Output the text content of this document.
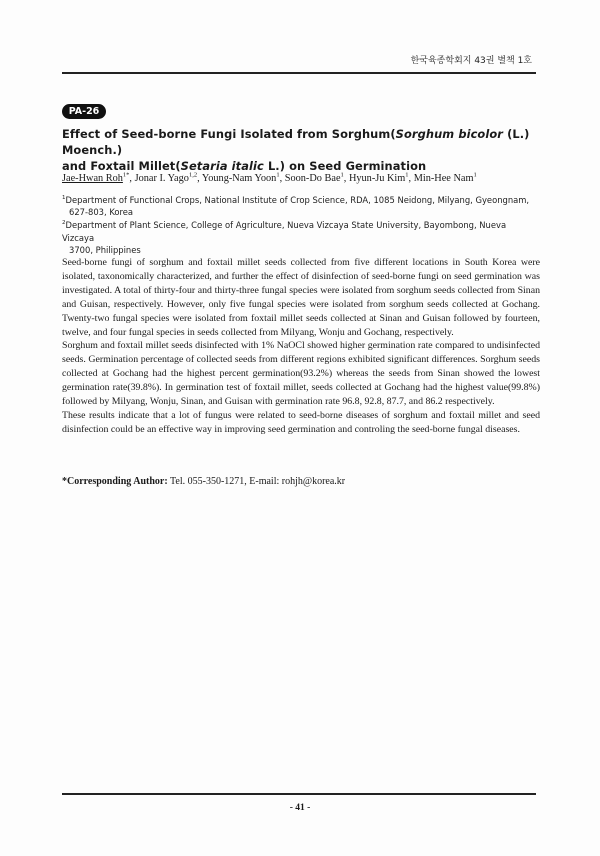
한국육종학회지 43권 별책 1호
PA-26
Effect of Seed-borne Fungi Isolated from Sorghum(Sorghum bicolor (L.) Moench.)
and Foxtail Millet(Setaria italic L.) on Seed Germination
Jae-Hwan Roh$^{1*}$, Jonar I. Yago$^{1,2}$, Young-Nam Yoon$^1$, Soon-Do Bae$^1$, Hyun-Ju Kim$^1$, Min-Hee Nam$^1$
$^1$Department of Functional Crops, National Institute of Crop Science, RDA, 1085 Neidong, Milyang, Gyeongnam,
627-803, Korea
$^2$Department of Plant Science, College of Agriculture, Nueva Vizcaya State University, Bayombong, Nueva Vizcaya
3700, Philippines

Seed-borne fungi of sorghum and foxtail millet seeds collected from five different locations in South Korea were isolated, taxonomically characterized, and further the effect of disinfection of seed-borne fungi on seed germination was investigated. A total of thirty-four and thirty-three fungal species were isolated from sorghum seeds collected from Sinan and Guisan, respectively. However, only five fungal species were isolated from sorghum seeds collected at Gochang. Twenty-two fungal species were isolated from foxtail millet seeds collected at Sinan and Guisan followed by fourteen, twelve, and four fungal species in seeds collected from Milyang, Wonju and Gochang, respectively.

Sorghum and foxtail millet seeds disinfected with 1% NaOCl showed higher germination rate compared to undisinfected seeds. Germination percentage of collected seeds from different regions exhibited significant differences. Sorghum seeds collected at Gochang had the highest percent germination(93.2%) whereas the seeds from Sinan showed the lowest germination rate(39.8%). In germination test of foxtail millet, seeds collected at Gochang had the highest value(99.8%) followed by Milyang, Wonju, Sinan, and Guisan with germination rate 96.8, 92.8, 87.7, and 86.2 respectively.

These results indicate that a lot of fungus were related to seed-borne diseases of sorghum and foxtail millet and seed disinfection could be an effective way in improving seed germination and controling the seed-borne fungal diseases.

*Corresponding Author: Tel. 055-350-1271, E-mail: rohjh@korea.kr
- 41 -
